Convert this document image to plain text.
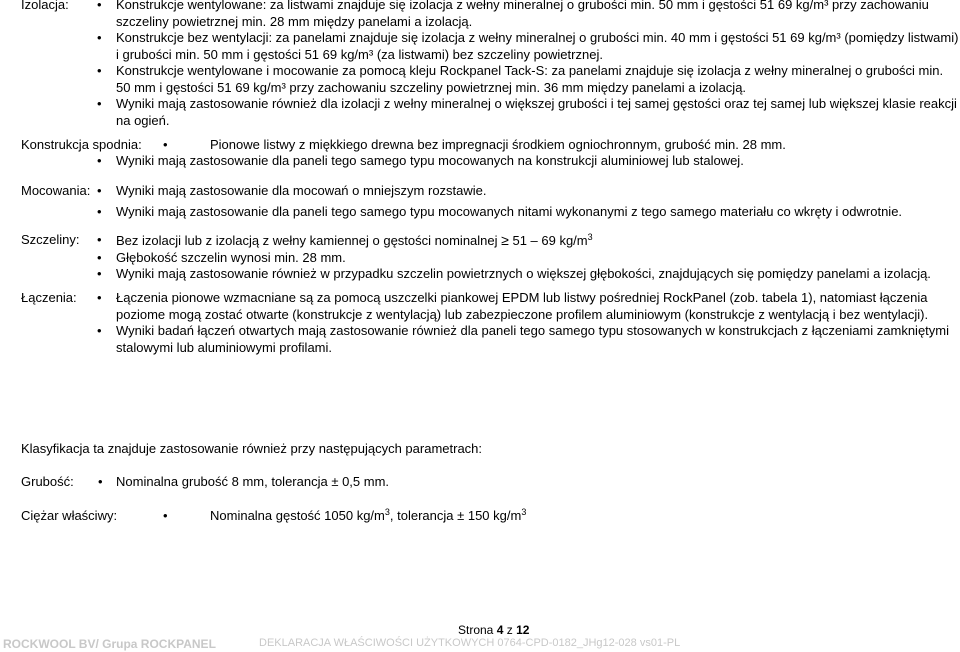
Izolacja: • Konstrukcje wentylowane: za listwami znajduje się izolacja z wełny mineralnej o grubości min. 50 mm i gęstości 51 69 kg/m³ przy zachowaniu szczeliny powietrznej min. 28 mm między panelami a izolacją.
• Konstrukcje bez wentylacji: za panelami znajduje się izolacja z wełny mineralnej o grubości min. 40 mm i gęstości 51 69 kg/m³ (pomiędzy listwami) i grubości min. 50 mm i gęstości 51 69 kg/m³ (za listwami) bez szczeliny powietrznej.
• Konstrukcje wentylowane i mocowanie za pomocą kleju Rockpanel Tack-S: za panelami znajduje się izolacja z wełny mineralnej o grubości min. 50 mm i gęstości 51 69 kg/m³ przy zachowaniu szczeliny powietrznej min. 36 mm między panelami a izolacją.
• Wyniki mają zastosowanie również dla izolacji z wełny mineralnej o większej grubości i tej samej gęstości oraz tej samej lub większej klasie reakcji na ogień.
Konstrukcja spodnia: •	Pionowe listwy z miękkiego drewna bez impregnacji środkiem ogniochronnym, grubość min. 28 mm.
• Wyniki mają zastosowanie dla paneli tego samego typu mocowanych na konstrukcji aluminiowej lub stalowej.
Mocowania: • Wyniki mają zastosowanie dla mocowań o mniejszym rozstawie.
• Wyniki mają zastosowanie dla paneli tego samego typu mocowanych nitami wykonanymi z tego samego materiału co wkręty i odwrotnie.
Szczeliny: • Bez izolacji lub z izolacją z wełny kamiennej o gęstości nominalnej ≥ 51 – 69 $kg/m^3$
• Głębokość szczelin wynosi min. 28 mm.
• Wyniki mają zastosowanie również w przypadku szczelin powietrznych o większej głębokości, znajdujących się pomiędzy panelami a izolacją.
Łączenia: • Łączenia pionowe wzmacniane są za pomocą uszczelki piankowej EPDM lub listwy pośredniej RockPanel (zob. tabela 1), natomiast łączenia poziome mogą zostać otwarte (konstrukcje z wentylacją) lub zabezpieczone profilem aluminiowym (konstrukcje z wentylacją i bez wentylacji).
• Wyniki badań łączeń otwartych mają zastosowanie również dla paneli tego samego typu stosowanych w konstrukcjach z łączeniami zamkniętymi stalowymi lub aluminiowymi profilami.
Klasyfikacja ta znajduje zastosowanie również przy następujących parametrach:
Grubość: • Nominalna grubość 8 mm, tolerancja ± 0,5 mm.
Ciężar właściwy:	•	Nominalna gęstość 1050 $kg/m^3$, tolerancja ± 150 $kg/m^3$
Strona 4 z 12
ROCKWOOL BV/ Grupa ROCKPANEL	DEKLARACJA WŁAŚCIWOŚCI UŻYTKOWYCH 0764-CPD-0182_JHg12-028 vs01-PL
